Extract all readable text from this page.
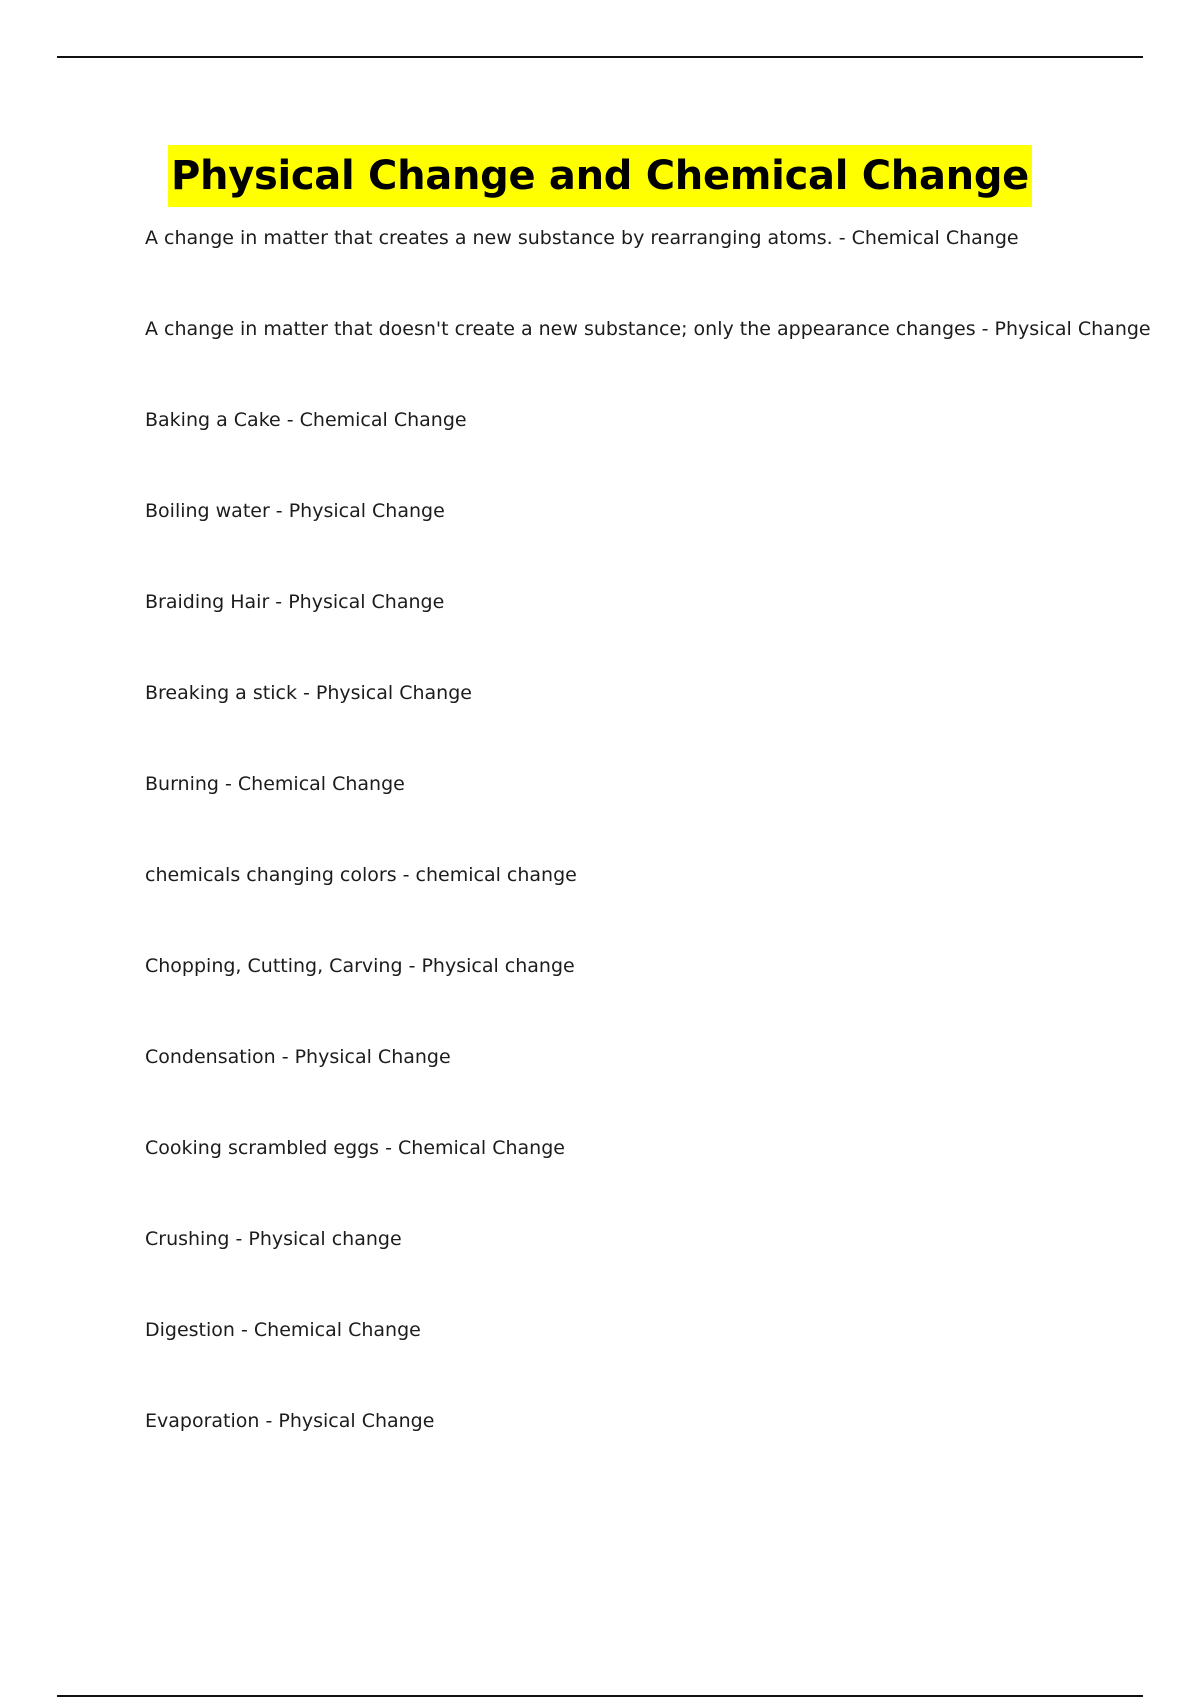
Physical Change and Chemical Change
A change in matter that creates a new substance by rearranging atoms. - Chemical Change
A change in matter that doesn't create a new substance; only the appearance changes - Physical Change
Baking a Cake - Chemical Change
Boiling water - Physical Change
Braiding Hair - Physical Change
Breaking a stick - Physical Change
Burning - Chemical Change
chemicals changing colors - chemical change
Chopping, Cutting, Carving - Physical change
Condensation - Physical Change
Cooking scrambled eggs - Chemical Change
Crushing - Physical change
Digestion - Chemical Change
Evaporation - Physical Change
